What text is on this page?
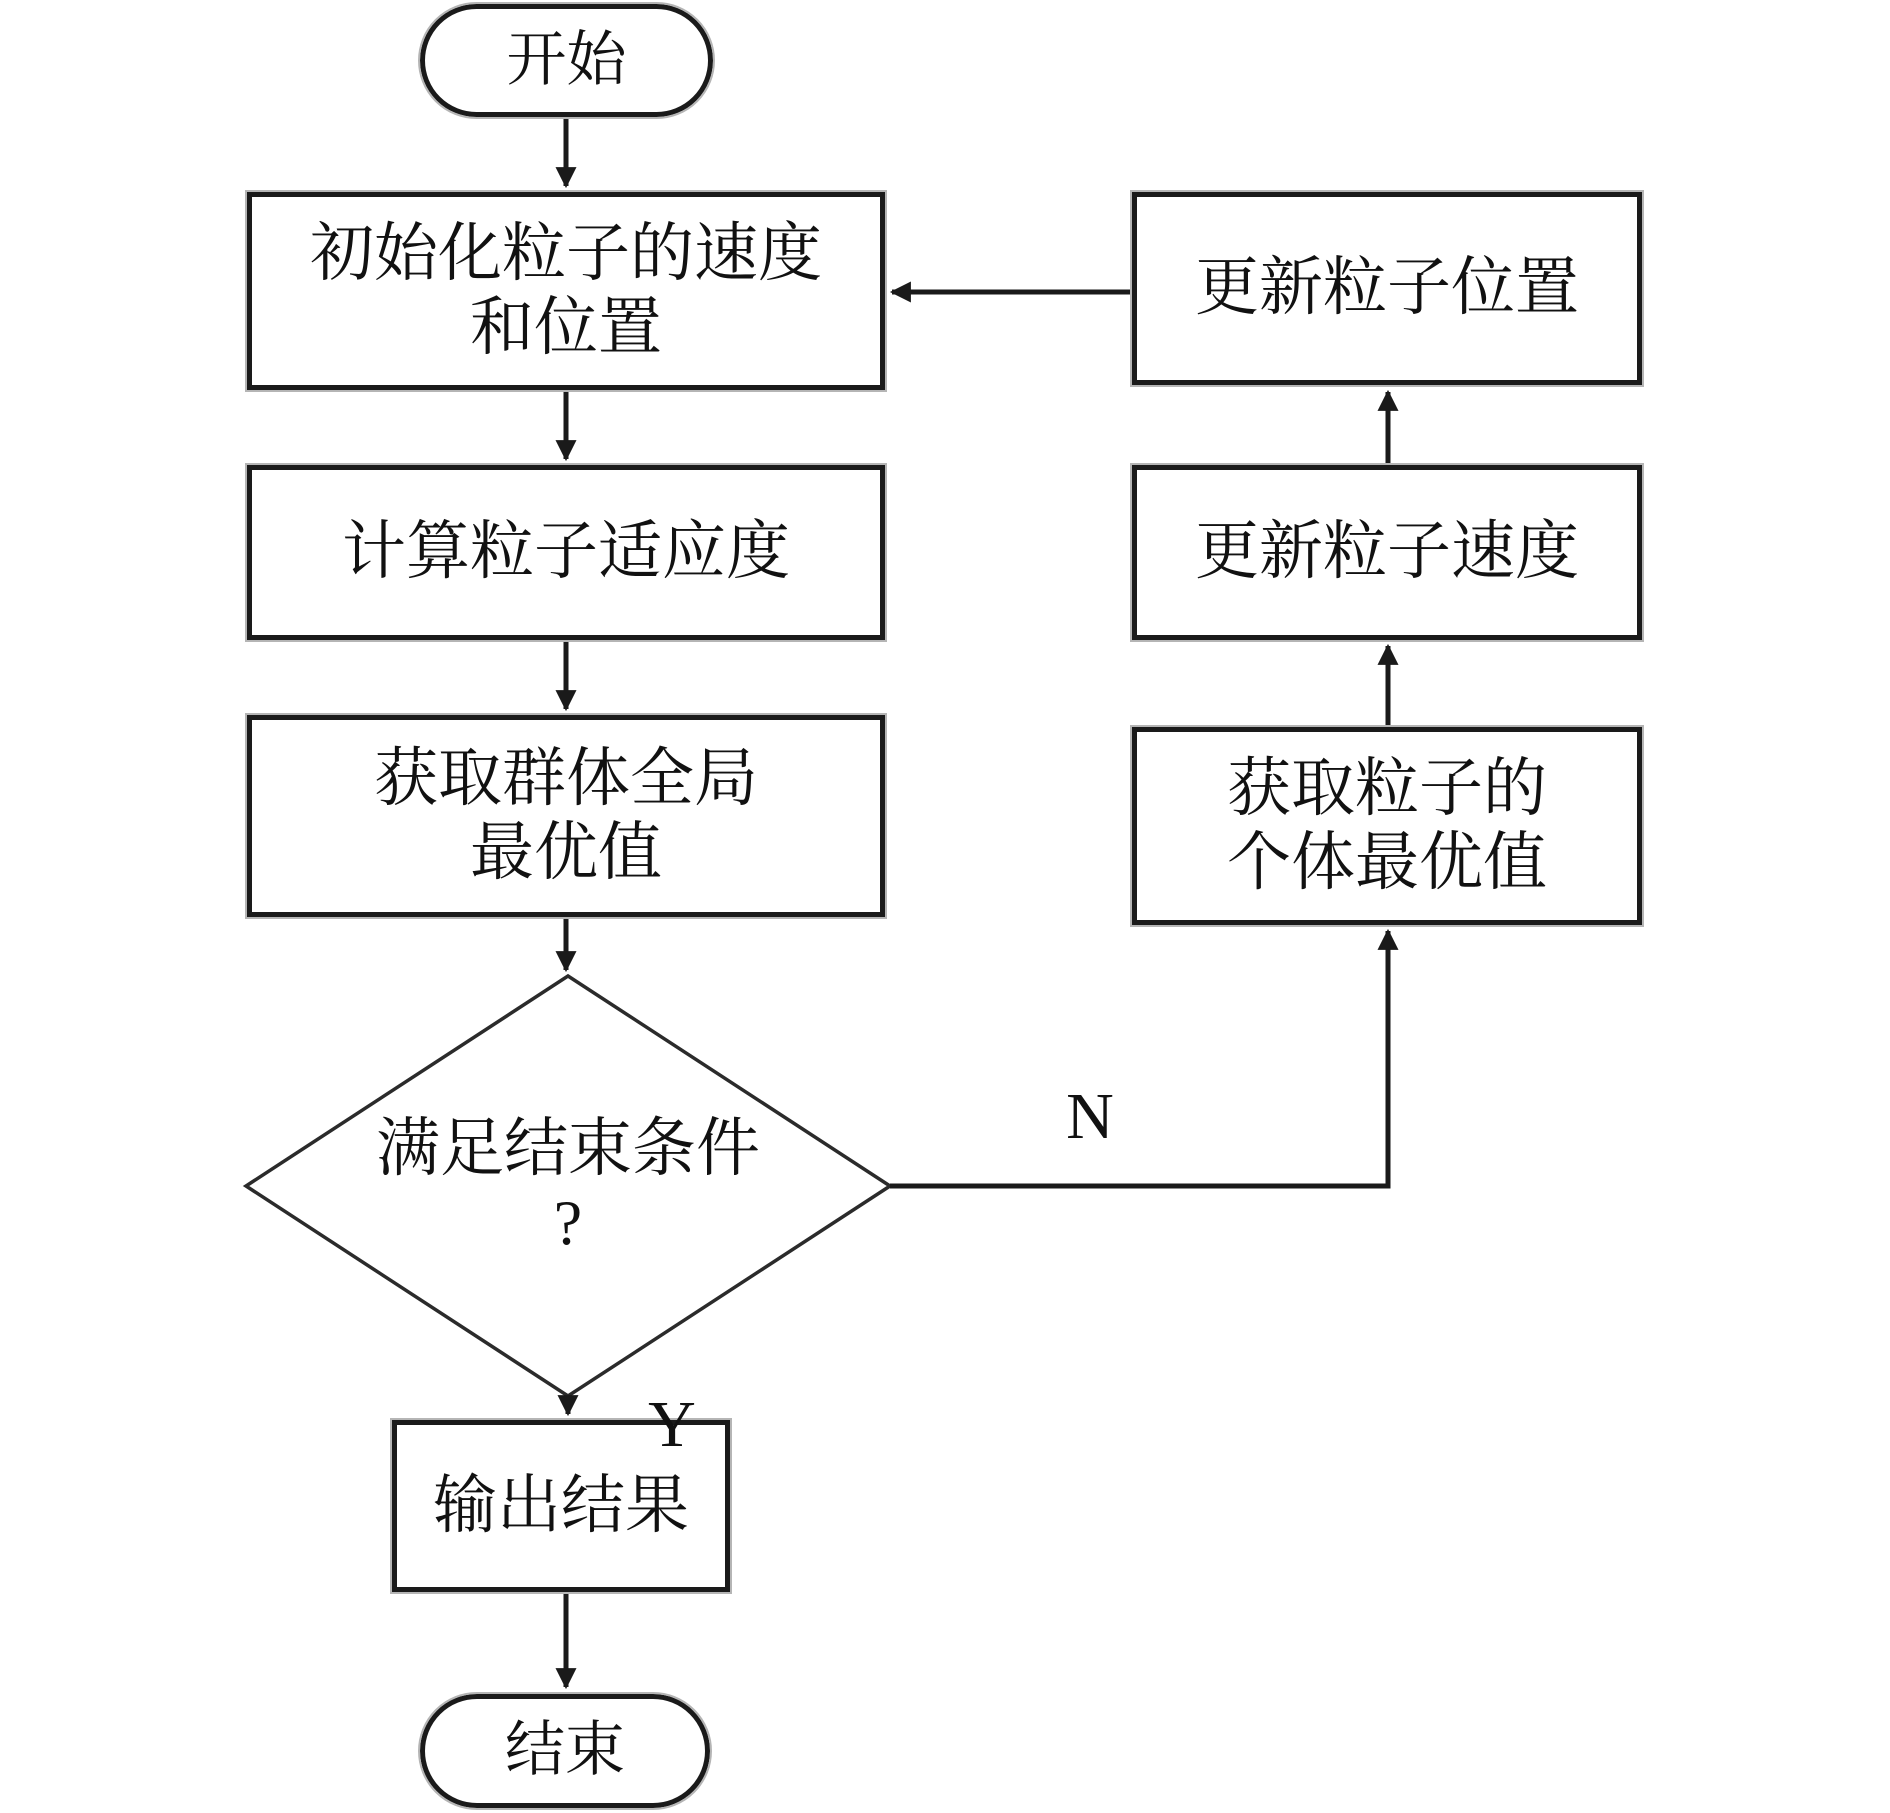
开始
初始化粒子的速度
和位置
计算粒子适应度
获取群体全局
最优值
满足结束条件
?
输出结果
结束
更新粒子位置
更新粒子速度
获取粒子的
个体最优值
Y
N
